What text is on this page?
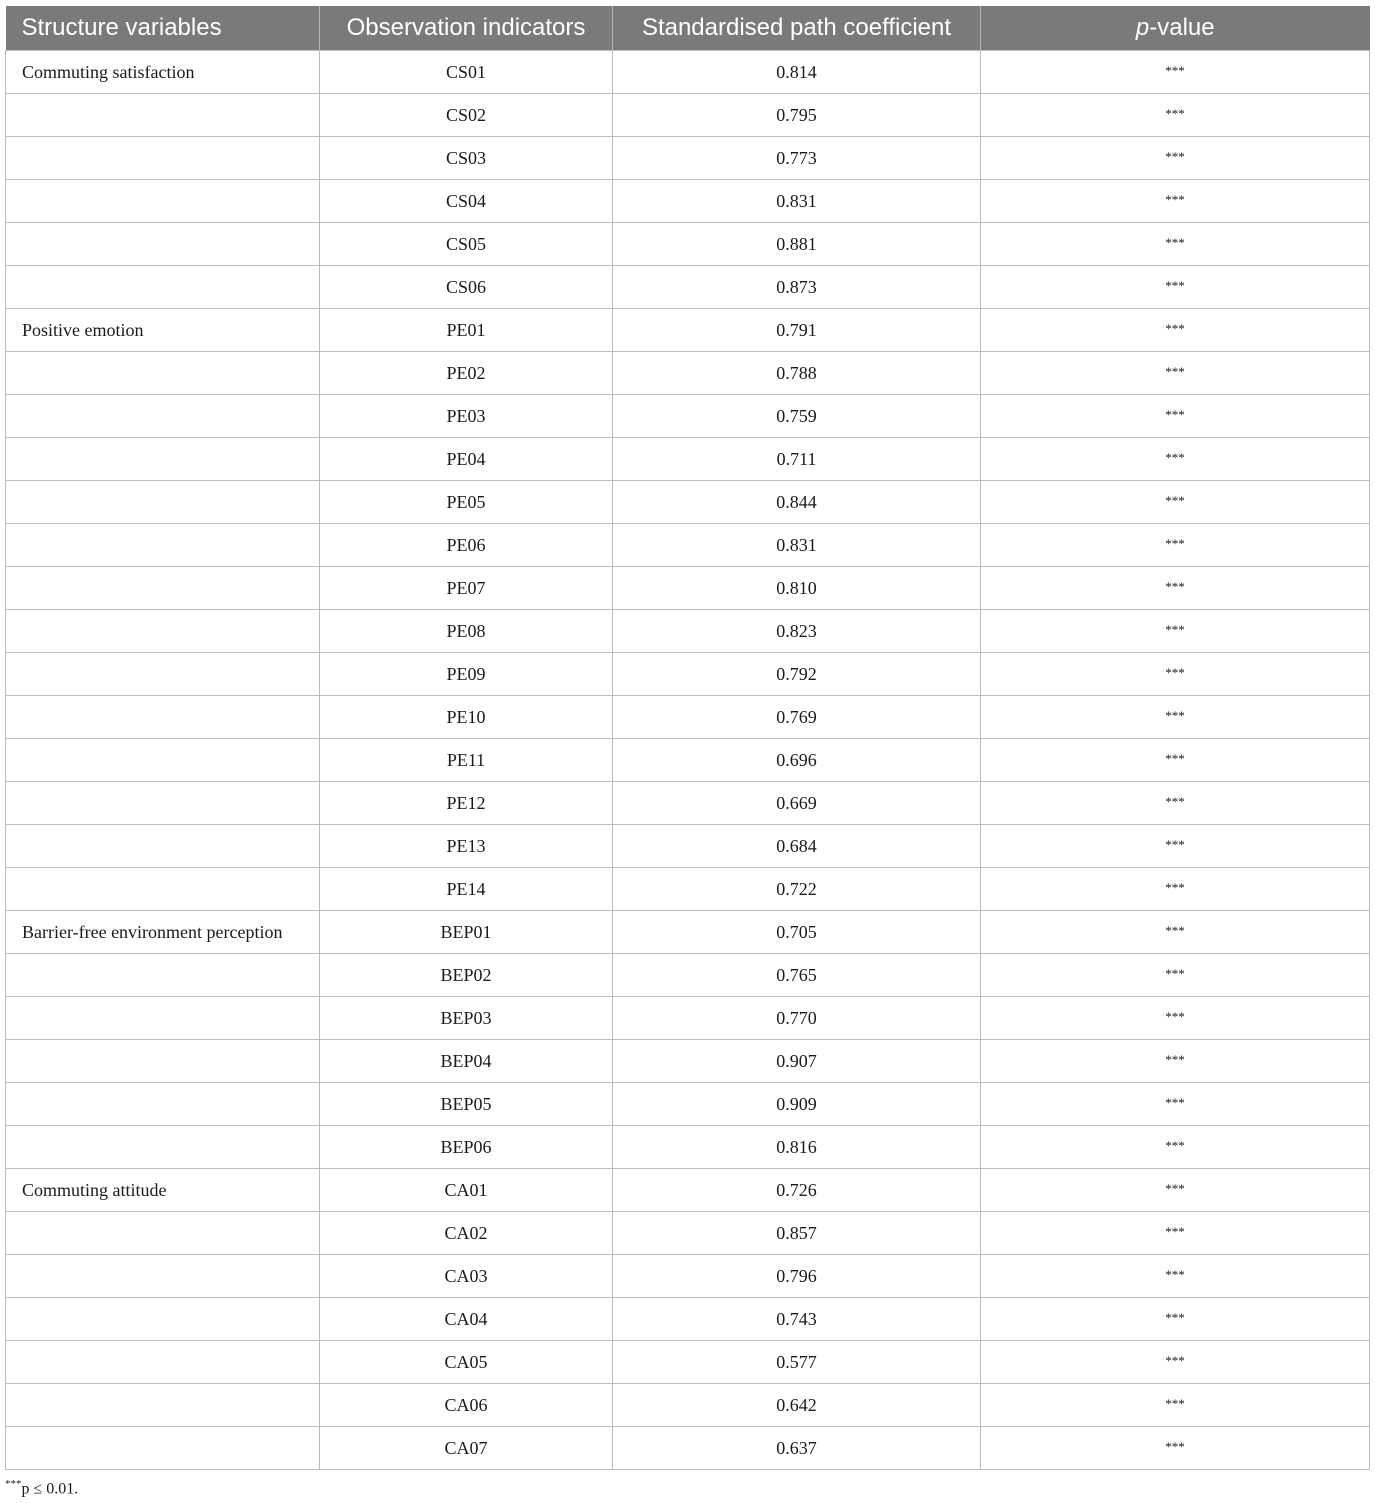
Structure variables	Observation indicators	Standardised path coefficient	p-value
Commuting satisfaction	CS01	0.814	***
	CS02	0.795	***
	CS03	0.773	***
	CS04	0.831	***
	CS05	0.881	***
	CS06	0.873	***
Positive emotion	PE01	0.791	***
	PE02	0.788	***
	PE03	0.759	***
	PE04	0.711	***
	PE05	0.844	***
	PE06	0.831	***
	PE07	0.810	***
	PE08	0.823	***
	PE09	0.792	***
	PE10	0.769	***
	PE11	0.696	***
	PE12	0.669	***
	PE13	0.684	***
	PE14	0.722	***
Barrier-free environment perception	BEP01	0.705	***
	BEP02	0.765	***
	BEP03	0.770	***
	BEP04	0.907	***
	BEP05	0.909	***
	BEP06	0.816	***
Commuting attitude	CA01	0.726	***
	CA02	0.857	***
	CA03	0.796	***
	CA04	0.743	***
	CA05	0.577	***
	CA06	0.642	***
	CA07	0.637	***
***p ≤ 0.01.
